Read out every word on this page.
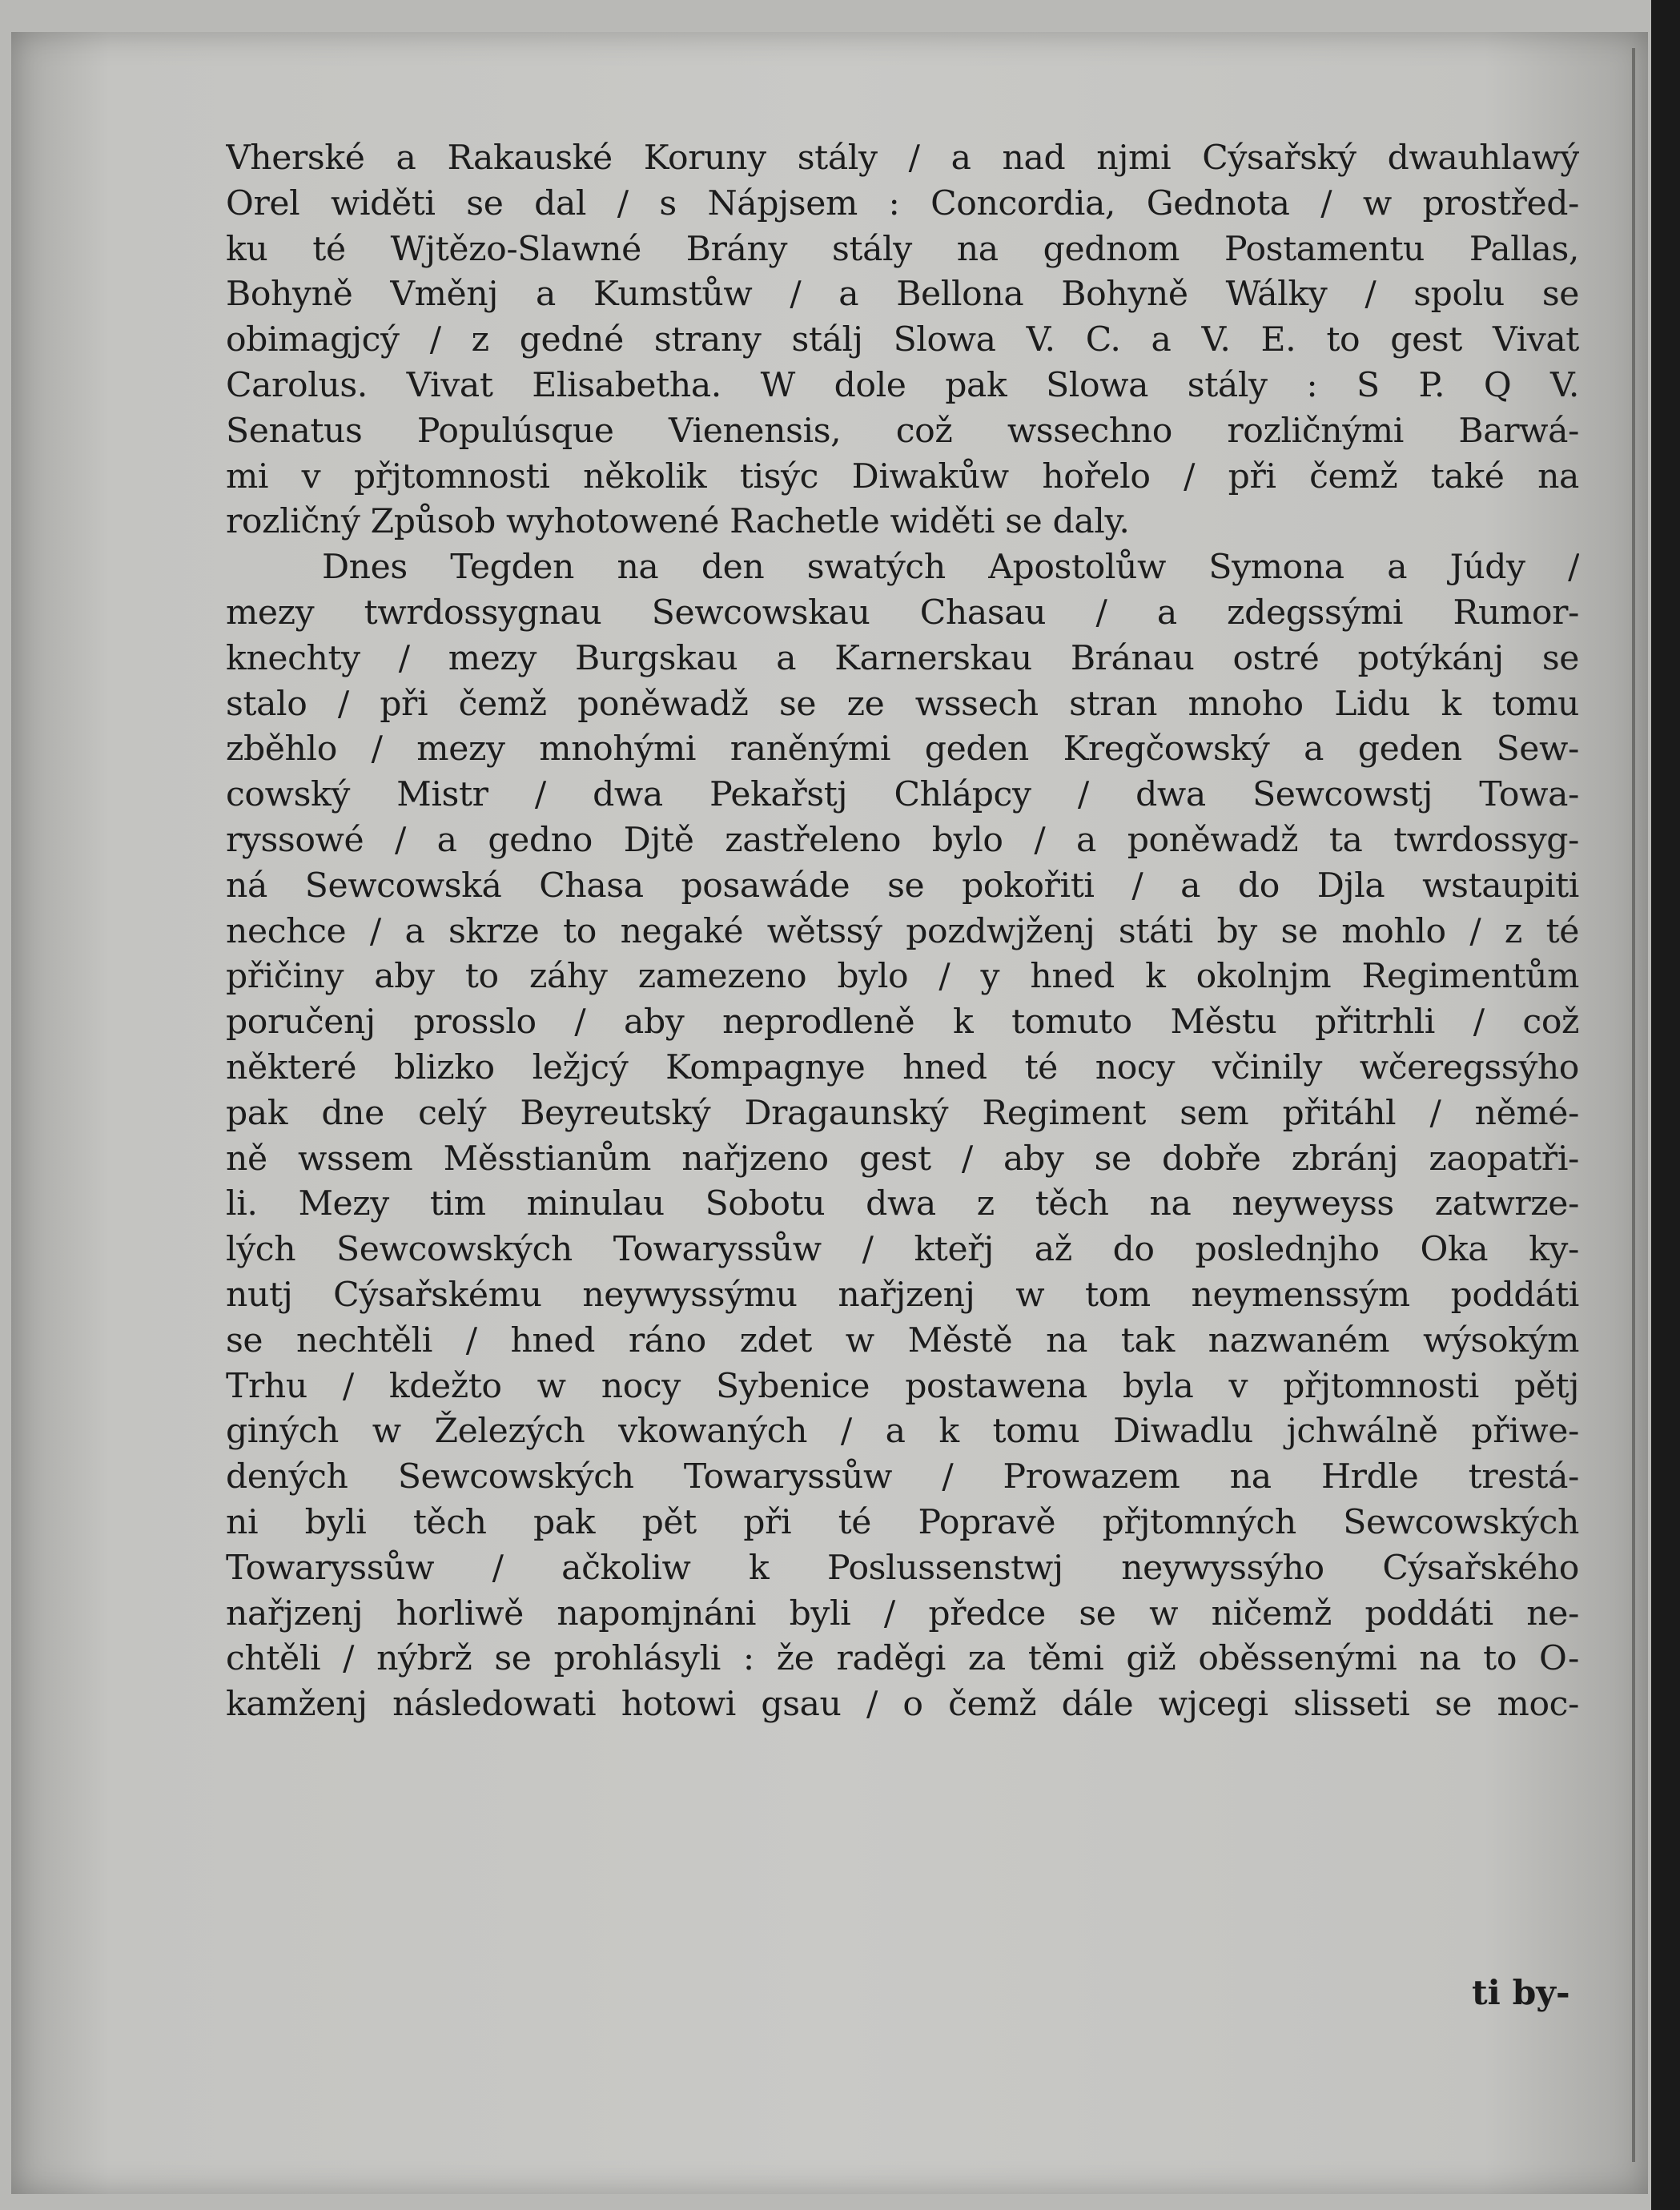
Vherské a Rakauské Koruny stály / a nad njmi Cýsařský dwauhlawý
Orel widěti se dal / s Nápjsem : Concordia, Gednota / w prostřed-
ku té Wjtězo-Slawné Brány stály na gednom Postamentu Pallas,
Bohyně Vměnj a Kumstůw / a Bellona Bohyně Wálky / spolu se
obimagjcý / z gedné strany stálj Slowa V. C. a V. E. to gest Vivat
Carolus. Vivat Elisabetha. W dole pak Slowa stály : S P. Q V.
Senatus Populúsque Vienensis, což wssechno rozličnými Barwá-
mi v přjtomnosti několik tisýc Diwakůw hořelo / při čemž také na
rozličný Způsob wyhotowené Rachetle widěti se daly.
Dnes Tegden na den swatých Apostolůw Symona a Júdy /
mezy twrdossygnau Sewcowskau Chasau / a zdegssými Rumor-
knechty / mezy Burgskau a Karnerskau Bránau ostré potýkánj se
stalo / při čemž poněwadž se ze wssech stran mnoho Lidu k tomu
zběhlo / mezy mnohými raněnými geden Kregčowský a geden Sew-
cowský Mistr / dwa Pekařstj Chlápcy / dwa Sewcowstj Towa-
ryssowé / a gedno Djtě zastřeleno bylo / a poněwadž ta twrdossyg-
ná Sewcowská Chasa posawáde se pokořiti / a do Djla wstaupiti
nechce / a skrze to negaké wětssý pozdwjženj státi by se mohlo / z té
přičiny aby to záhy zamezeno bylo / y hned k okolnjm Regimentům
poručenj prosslo / aby neprodleně k tomuto Městu přitrhli / což
některé blizko ležjcý Kompagnye hned té nocy včinily wčeregssýho
pak dne celý Beyreutský Dragaunský Regiment sem přitáhl / němé-
ně wssem Měsstianům nařjzeno gest / aby se dobře zbránj zaopatři-
li. Mezy tim minulau Sobotu dwa z těch na neyweyss zatwrze-
lých Sewcowských Towaryssůw / kteřj až do poslednjho Oka ky-
nutj Cýsařskému neywyssýmu nařjzenj w tom neymenssým poddáti
se nechtěli / hned ráno zdet w Městě na tak nazwaném wýsokým
Trhu / kdežto w nocy Sybenice postawena byla v přjtomnosti pětj
giných w Železých vkowaných / a k tomu Diwadlu jchwálně přiwe-
dených Sewcowských Towaryssůw / Prowazem na Hrdle trestá-
ni byli těch pak pět při té Popravě přjtomných Sewcowských
Towaryssůw / ačkoliw k Poslussenstwj neywyssýho Cýsařského
nařjzenj horliwě napomjnáni byli / předce se w ničemž poddáti ne-
chtěli / nýbrž se prohlásyli : že raděgi za těmi giž oběssenými na to O-
kamženj následowati hotowi gsau / o čemž dále wjcegi slisseti se moc-
ti by-
